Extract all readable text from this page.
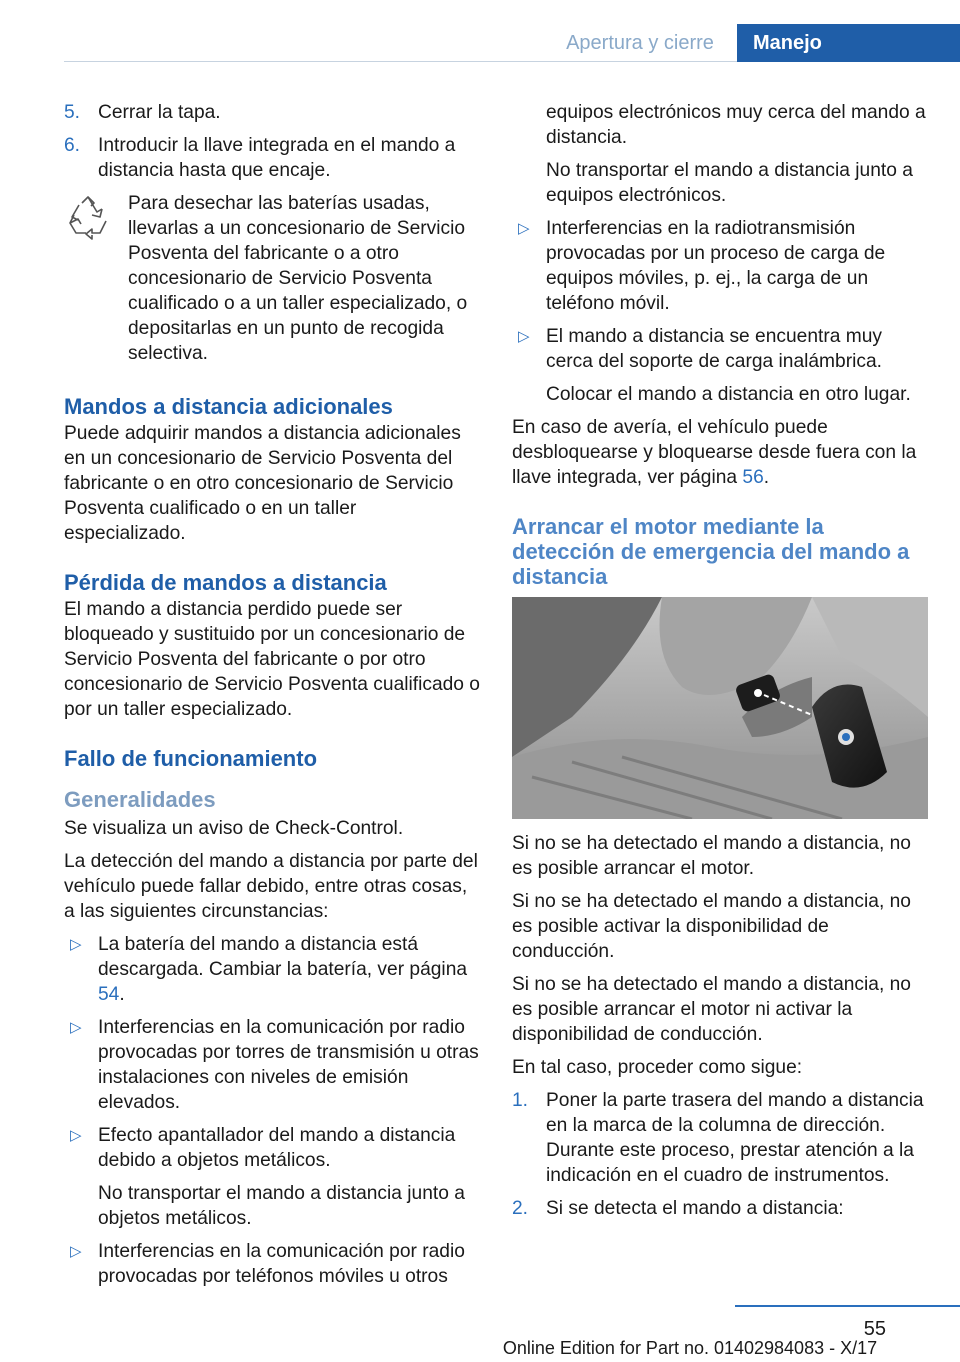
Apertura y cierre	Manejo
5. Cerrar la tapa.
6. Introducir la llave integrada en el mando a distancia hasta que encaje.

Para desechar las baterías usadas, llevarlas a un concesionario de Servicio Posventa del fabricante o a otro concesionario de Servicio Posventa cualificado o a un taller especializado, o depositarlas en un punto de recogida selectiva.

Mandos a distancia adicionales

Puede adquirir mandos a distancia adicionales en un concesionario de Servicio Posventa del fabricante o en otro concesionario de Servicio Posventa cualificado o en un taller especializado.

Pérdida de mandos a distancia

El mando a distancia perdido puede ser bloqueado y sustituido por un concesionario de Servicio Posventa del fabricante o por otro concesionario de Servicio Posventa cualificado o por un taller especializado.

Fallo de funcionamiento
Generalidades

Se visualiza un aviso de Check-Control.

La detección del mando a distancia por parte del vehículo puede fallar debido, entre otras cosas, a las siguientes circunstancias:

▷ La batería del mando a distancia está descargada. Cambiar la batería, ver página 54.
▷ Interferencias en la comunicación por radio provocadas por torres de transmisión u otras instalaciones con niveles de emisión elevados.
▷ Efecto apantallador del mando a distancia debido a objetos metálicos.

No transportar el mando a distancia junto a objetos metálicos.

▷ Interferencias en la comunicación por radio provocadas por teléfonos móviles u otros

equipos electrónicos muy cerca del mando a distancia.

No transportar el mando a distancia junto a equipos electrónicos.

▷ Interferencias en la radiotransmisión provocadas por un proceso de carga de equipos móviles, p. ej., la carga de un teléfono móvil.
▷ El mando a distancia se encuentra muy cerca del soporte de carga inalámbrica.

Colocar el mando a distancia en otro lugar.

En caso de avería, el vehículo puede desbloquearse y bloquearse desde fuera con la llave integrada, ver página 56.

Arrancar el motor mediante la detección de emergencia del mando a distancia

Si no se ha detectado el mando a distancia, no es posible arrancar el motor.

Si no se ha detectado el mando a distancia, no es posible activar la disponibilidad de conducción.

Si no se ha detectado el mando a distancia, no es posible arrancar el motor ni activar la disponibilidad de conducción.

En tal caso, proceder como sigue:

1. Poner la parte trasera del mando a distancia en la marca de la columna de dirección. Durante este proceso, prestar atención a la indicación en el cuadro de instrumentos.
2. Si se detecta el mando a distancia:
55
Online Edition for Part no. 01402984083 - X/17
